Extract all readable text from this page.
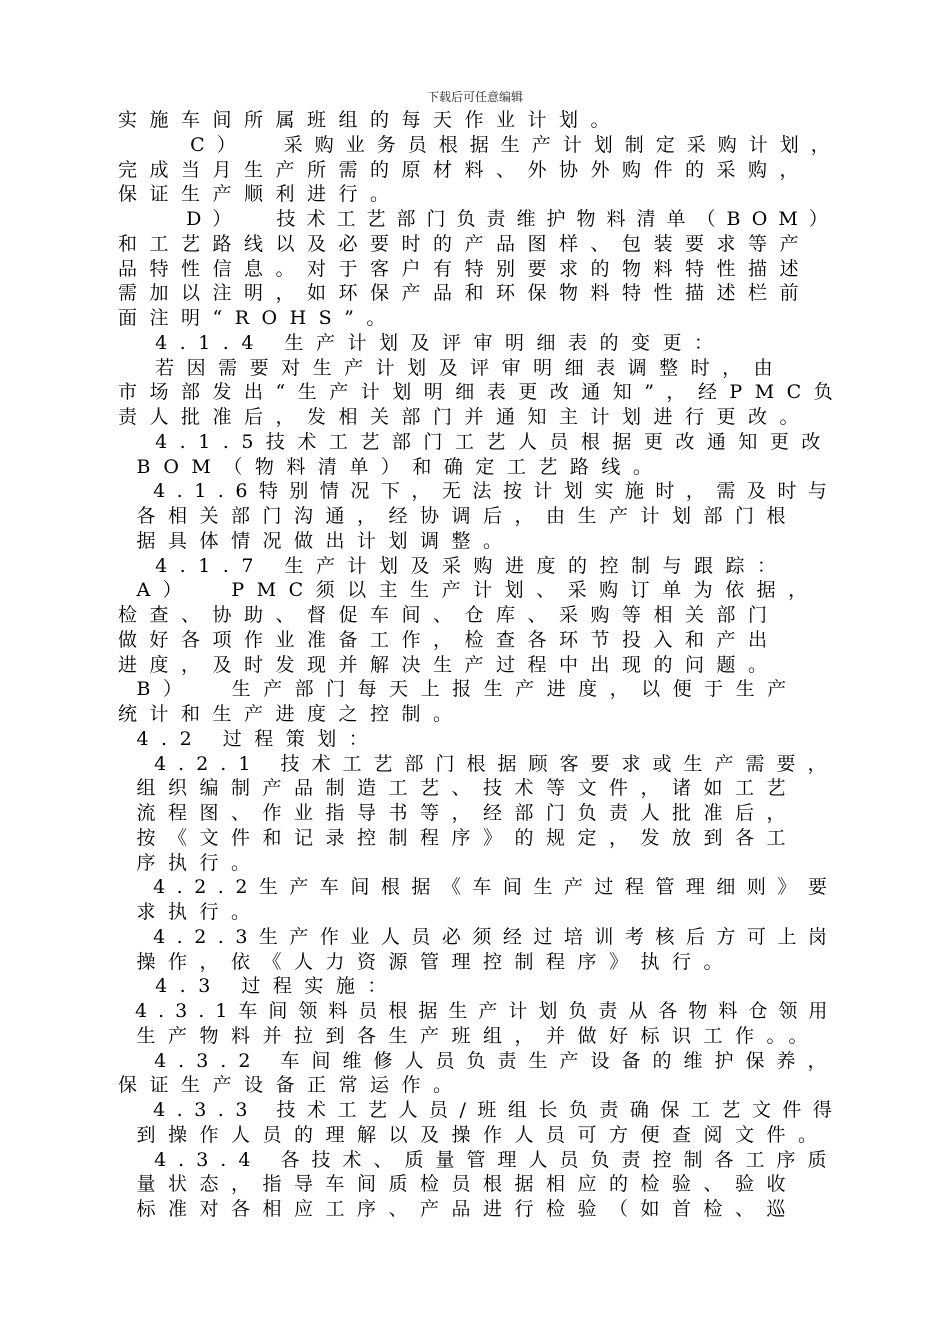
下载后可任意编辑
实施车间所属班组的每天作业计划。
C）  采购业务员根据生产计划制定采购计划，
完成当月生产所需的原材料、外协外购件的采购，
保证生产顺利进行。
D）  技术工艺部门负责维护物料清单（BOM）
和工艺路线以及必要时的产品图样、包装要求等产
品特性信息。对于客户有特别要求的物料特性描述
需加以注明，如环保产品和环保物料特性描述栏前
面注明“ROHS”。
4.1.4 生产计划及评审明细表的变更：
若因需要对生产计划及评审明细表调整时，由
市场部发出“生产计划明细表更改通知”，经PMC负
责人批准后，发相关部门并通知主计划进行更改。
4.1.5技术工艺部门工艺人员根据更改通知更改
BOM（物料清单）和确定工艺路线。
4.1.6特别情况下，无法按计划实施时，需及时与
各相关部门沟通，经协调后，由生产计划部门根
据具体情况做出计划调整。
4.1.7 生产计划及采购进度的控制与跟踪：
A）  PMC须以主生产计划、采购订单为依据，
检查、协助、督促车间、仓库、采购等相关部门
做好各项作业准备工作，检查各环节投入和产出
进度，及时发现并解决生产过程中出现的问题。
B）  生产部门每天上报生产进度，以便于生产
统计和生产进度之控制。
4.2 过程策划：
4.2.1 技术工艺部门根据顾客要求或生产需要，
组织编制产品制造工艺、技术等文件，诸如工艺
流程图、作业指导书等，经部门负责人批准后，
按《文件和记录控制程序》的规定，发放到各工
序执行。
4.2.2生产车间根据《车间生产过程管理细则》要
求执行。
4.2.3生产作业人员必须经过培训考核后方可上岗
操作，依《人力资源管理控制程序》执行。
4.3 过程实施：
4.3.1车间领料员根据生产计划负责从各物料仓领用
生产物料并拉到各生产班组，并做好标识工作。。
4.3.2 车间维修人员负责生产设备的维护保养，
保证生产设备正常运作。
4.3.3 技术工艺人员/班组长负责确保工艺文件得
到操作人员的理解以及操作人员可方便查阅文件。
4.3.4 各技术、质量管理人员负责控制各工序质
量状态，指导车间质检员根据相应的检验、验收
标准对各相应工序、产品进行检验（如首检、巡
